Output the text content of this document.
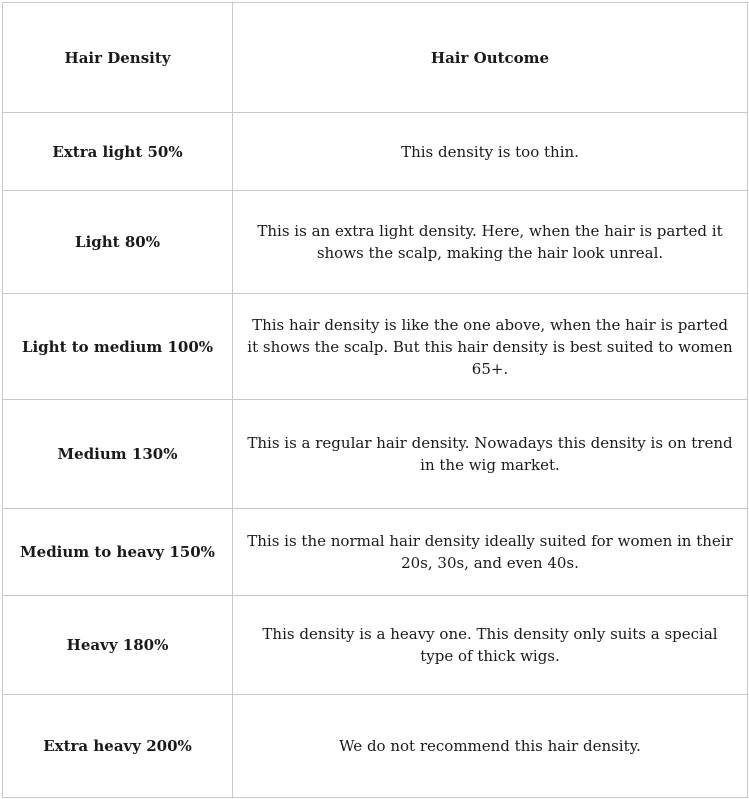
Hair Density	Hair Outcome
Extra light 50%	This density is too thin.
Light 80%	This is an extra light density. Here, when the hair is parted it shows the scalp, making the hair look unreal.
Light to medium 100%	This hair density is like the one above, when the hair is parted it shows the scalp. But this hair density is best suited to women 65+.
Medium 130%	This is a regular hair density. Nowadays this density is on trend in the wig market.
Medium to heavy 150%	This is the normal hair density ideally suited for women in their 20s, 30s, and even 40s.
Heavy 180%	This density is a heavy one. This density only suits a special type of thick wigs.
Extra heavy 200%	We do not recommend this hair density.
